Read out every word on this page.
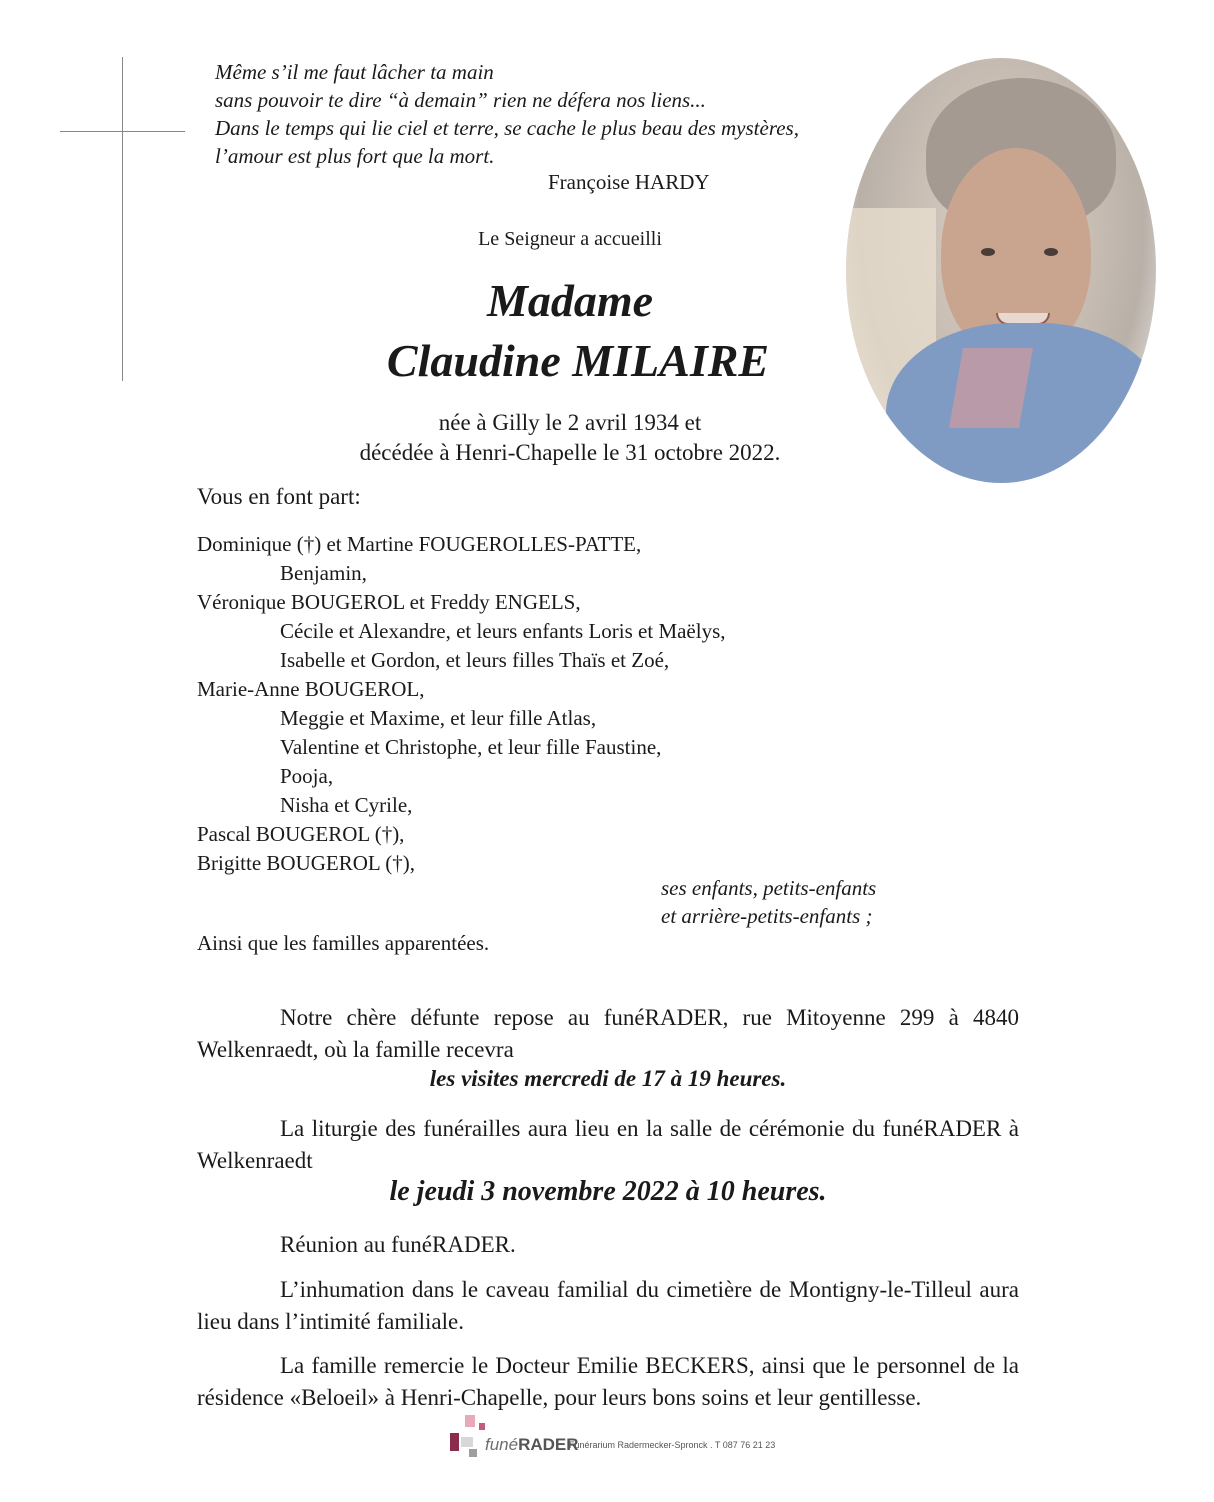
Même s’il me faut lâcher ta main
sans pouvoir te dire “à demain” rien ne défera nos liens...
Dans le temps qui lie ciel et terre, se cache le plus beau des mystères,
l’amour est plus fort que la mort.
Françoise HARDY
Le Seigneur a accueilli
Madame
Claudine MILAIRE
née à Gilly le 2 avril 1934 et
décédée à Henri-Chapelle le 31 octobre 2022.
Vous en font part:
Dominique (†) et Martine FOUGEROLLES-PATTE,
Benjamin,
Véronique BOUGEROL et Freddy ENGELS,
Cécile et Alexandre, et leurs enfants Loris et Maëlys,
Isabelle et Gordon, et leurs filles Thaïs et Zoé,
Marie-Anne BOUGEROL,
Meggie et Maxime, et leur fille Atlas,
Valentine et Christophe, et leur fille Faustine,
Pooja,
Nisha et Cyrile,
Pascal BOUGEROL (†),
Brigitte BOUGEROL (†),
ses enfants, petits-enfants
et arrière-petits-enfants ;
Ainsi que les familles apparentées.
Notre chère défunte repose au funéRADER, rue Mitoyenne 299 à 4840 Welkenraedt, où la famille recevra
les visites mercredi de 17 à 19 heures.
La liturgie des funérailles aura lieu en la salle de cérémonie du funéRADER à Welkenraedt
le jeudi 3 novembre 2022 à 10 heures.
Réunion au funéRADER.
L’inhumation dans le caveau familial du cimetière de Montigny-le-Tilleul aura lieu dans l’intimité familiale.
La famille remercie le Docteur Emilie BECKERS, ainsi que le personnel de la résidence «Beloeil» à Henri-Chapelle, pour leurs bons soins et leur gentillesse.
funéRADER
Funérarium Radermecker-Spronck . T 087 76 21 23
